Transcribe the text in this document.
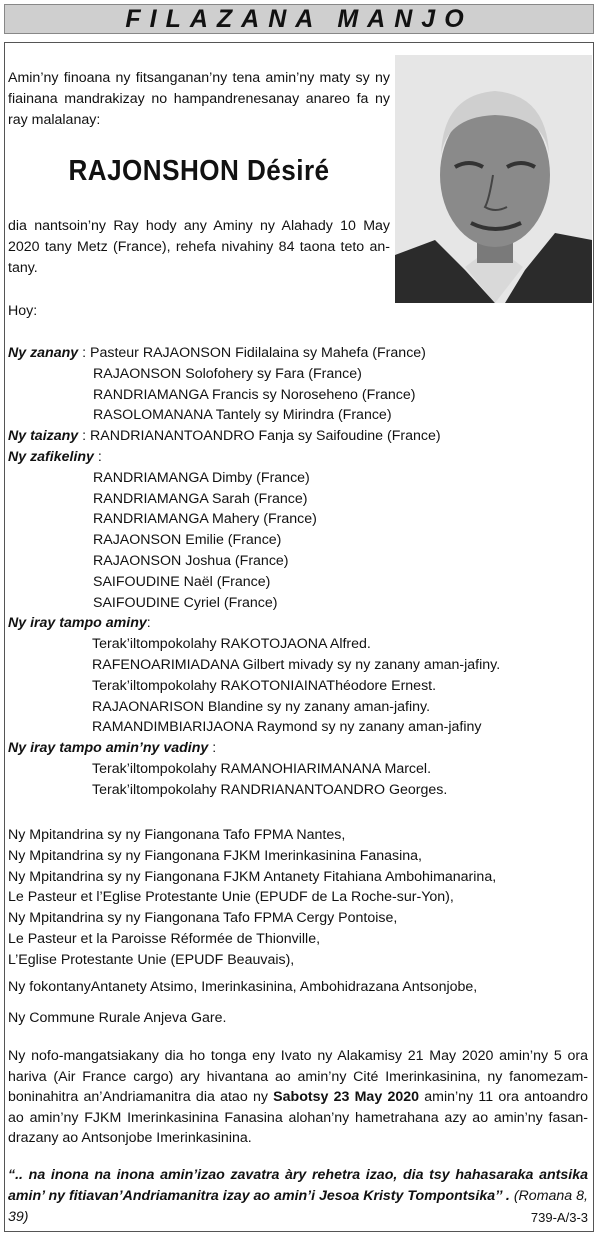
FILAZANA MANJO
Amin’ny finoana ny fitsanganan’ny tena amin’ny maty sy ny fiainana mandrakizay no hampandrenesanay anareo fa ny ray malalanay:
RAJONSHON Désiré
dia nantsoin’ny Ray hody any Aminy ny Alahady 10 May 2020 tany Metz (France), rehefa nivahiny 84 taona teto an-tany.
Hoy:
Ny zanany : Pasteur RAJAONSON Fidilalaina sy Mahefa (France)
RAJAONSON Solofohery sy Fara (France)
RANDRIAMANGA Francis sy Noroseheno (France)
RASOLOMANANA Tantely sy Mirindra (France)
Ny taizany : RANDRIANANTOANDRO Fanja sy Saifoudine (France)
Ny zafikeliny :
RANDRIAMANGA Dimby (France)
RANDRIAMANGA Sarah (France)
RANDRIAMANGA Mahery (France)
RAJAONSON Emilie (France)
RAJAONSON Joshua (France)
SAIFOUDINE Naël (France)
SAIFOUDINE Cyriel (France)
Ny iray tampo aminy:
Terak’iltompokolahy RAKOTOJAONA Alfred.
RAFENOARIMIADANA Gilbert mivady sy ny zanany aman-jafiny.
Terak’iltompokolahy RAKOTONIAINAThéodore Ernest.
RAJAONARISON Blandine sy ny zanany aman-jafiny.
RAMANDIMBIARIJAONA Raymond sy ny zanany aman-jafiny
Ny iray tampo amin’ny vadiny :
Terak’iltompokolahy RAMANOHIARIMANANA Marcel.
Terak’iltompokolahy RANDRIANANTOANDRO Georges.
Ny Mpitandrina sy ny Fiangonana Tafo FPMA Nantes,
Ny Mpitandrina sy ny Fiangonana FJKM Imerinkasinina Fanasina,
Ny Mpitandrina sy ny Fiangonana FJKM Antanety Fitahiana Ambohimanarina,
Le Pasteur et l’Eglise Protestante Unie (EPUDF de La Roche-sur-Yon),
Ny Mpitandrina sy ny Fiangonana Tafo FPMA Cergy Pontoise,
Le Pasteur et la Paroisse Réformée de Thionville,
L’Eglise Protestante Unie (EPUDF Beauvais),
Ny fokontanyAntanety Atsimo, Imerinkasinina, Ambohidrazana Antsonjobe,
Ny Commune Rurale Anjeva Gare.
Ny nofo-mangatsiakany dia ho tonga eny Ivato ny Alakamisy 21 May 2020 amin’ny 5 ora hariva (Air France cargo) ary hivantana ao amin’ny Cité Imerinkasinina, ny fanomezam-boninahitra an’Andriamanitra dia atao ny Sabotsy 23 May 2020 amin’ny 11 ora antoandro ao amin’ny FJKM Imerinkasinina Fanasina alohan’ny hametrahana azy ao amin’ny fasan-drazany ao Antsonjobe Imerinkasinina.
“.. na inona na inona amin’izao zavatra àry rehetra izao, dia tsy hahasaraka antsika amin’ ny fitiavan’Andriamanitra izay ao amin’i Jesoa Kristy Tompontsika’’ . (Romana 8, 39)	739-A/3-3
